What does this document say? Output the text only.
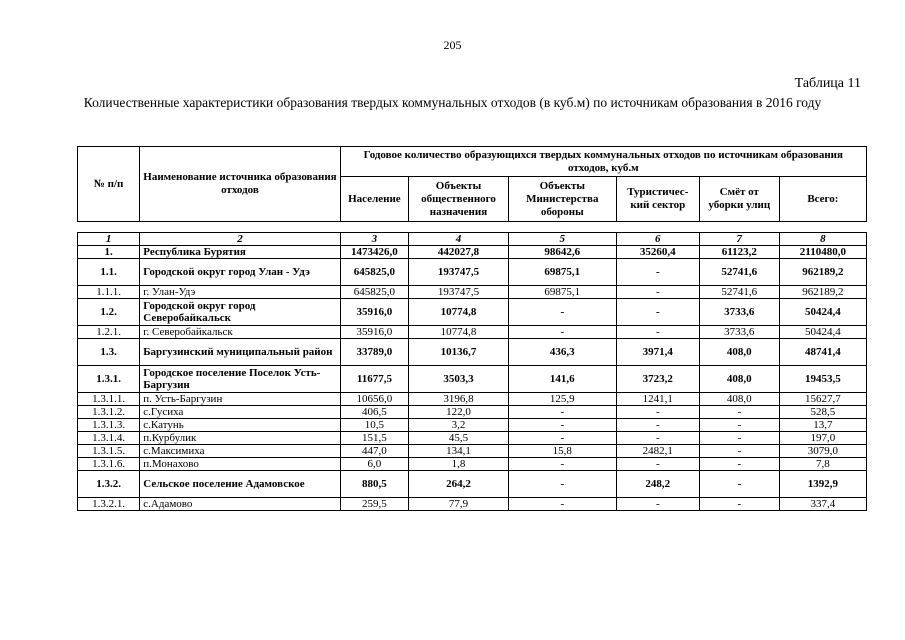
205
Таблица 11
Количественные характеристики образования твердых коммунальных отходов (в куб.м) по источникам образования в 2016 году
№ п/п	Наименование источника образования отходов	Годовое количество образующихся твердых коммунальных отходов по источникам образования отходов, куб.м					
		Население	Объекты общественного назначения	Объекты Министерства обороны	Туристичес-кий сектор	Смёт от уборки улиц	Всего:
1	2	3	4	5	6	7	8
1.	Республика Бурятия	1473426,0	442027,8	98642,6	35260,4	61123,2	2110480,0
1.1.	Городской округ город Улан - Удэ	645825,0	193747,5	69875,1	-	52741,6	962189,2
1.1.1.	г. Улан-Удэ	645825,0	193747,5	69875,1	-	52741,6	962189,2
1.2.	Городской округ город Северобайкальск	35916,0	10774,8	-	-	3733,6	50424,4
1.2.1.	г. Северобайкальск	35916,0	10774,8	-	-	3733,6	50424,4
1.3.	Баргузинский муниципальный район	33789,0	10136,7	436,3	3971,4	408,0	48741,4
1.3.1.	Городское поселение Поселок Усть-Баргузин	11677,5	3503,3	141,6	3723,2	408,0	19453,5
1.3.1.1.	п. Усть-Баргузин	10656,0	3196,8	125,9	1241,1	408,0	15627,7
1.3.1.2.	с.Гусиха	406,5	122,0	-	-	-	528,5
1.3.1.3.	с.Катунь	10,5	3,2	-	-	-	13,7
1.3.1.4.	п.Курбулик	151,5	45,5	-	-	-	197,0
1.3.1.5.	с.Максимиха	447,0	134,1	15,8	2482,1	-	3079,0
1.3.1.6.	п.Монахово	6,0	1,8	-	-	-	7,8
1.3.2.	Сельское поселение Адамовское	880,5	264,2	-	248,2	-	1392,9
1.3.2.1.	с.Адамово	259,5	77,9	-	-	-	337,4
